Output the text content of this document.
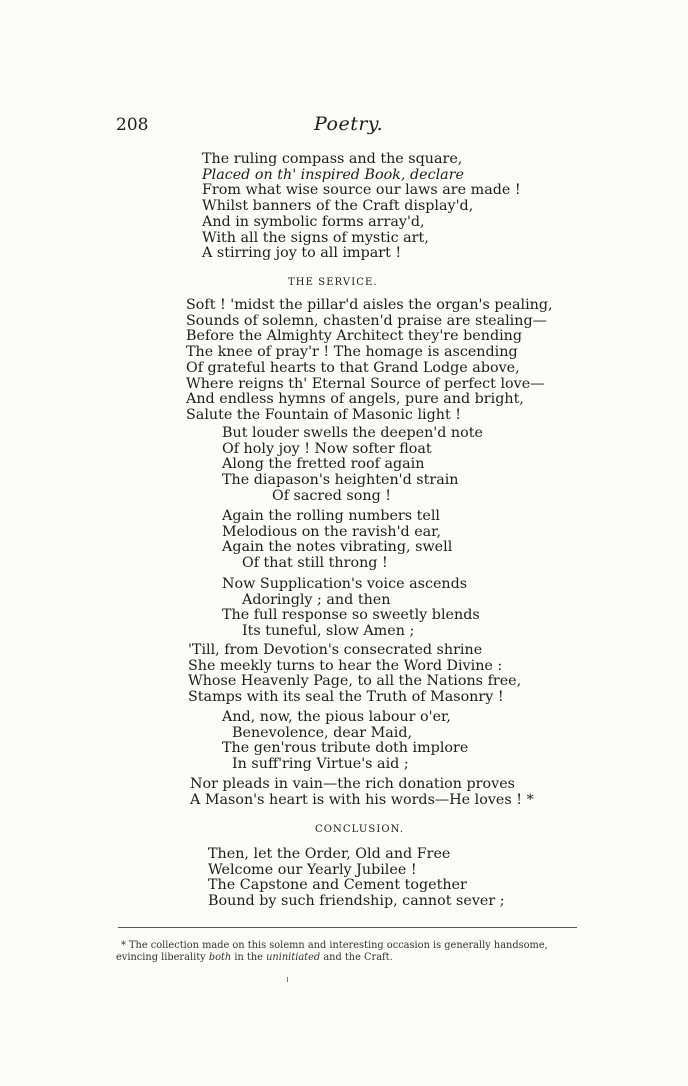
208	Poetry.
The ruling compass and the square,
Placed on th' inspired Book, declare
From what wise source our laws are made !
Whilst banners of the Craft display'd,
And in symbolic forms array'd,
With all the signs of mystic art,
A stirring joy to all impart !
THE SERVICE.
Soft ! 'midst the pillar'd aisles the organ's pealing,
Sounds of solemn, chasten'd praise are stealing—
Before the Almighty Architect they're bending
The knee of pray'r ! The homage is ascending
Of grateful hearts to that Grand Lodge above,
Where reigns th' Eternal Source of perfect love—
And endless hymns of angels, pure and bright,
Salute the Fountain of Masonic light !
But louder swells the deepen'd note
Of holy joy ! Now softer float
Along the fretted roof again
The diapason's heighten'd strain
Of sacred song !
Again the rolling numbers tell
Melodious on the ravish'd ear,
Again the notes vibrating, swell
Of that still throng !
Now Supplication's voice ascends
Adoringly ; and then
The full response so sweetly blends
Its tuneful, slow Amen ;
'Till, from Devotion's consecrated shrine
She meekly turns to hear the Word Divine :
Whose Heavenly Page, to all the Nations free,
Stamps with its seal the Truth of Masonry !
And, now, the pious labour o'er,
Benevolence, dear Maid,
The gen'rous tribute doth implore
In suff'ring Virtue's aid ;
Nor pleads in vain—the rich donation proves
A Mason's heart is with his words—He loves ! *
CONCLUSION.
Then, let the Order, Old and Free
Welcome our Yearly Jubilee !
The Capstone and Cement together
Bound by such friendship, cannot sever ;
* The collection made on this solemn and interesting occasion is generally handsome,
evincing liberality both in the uninitiated and the Craft.
